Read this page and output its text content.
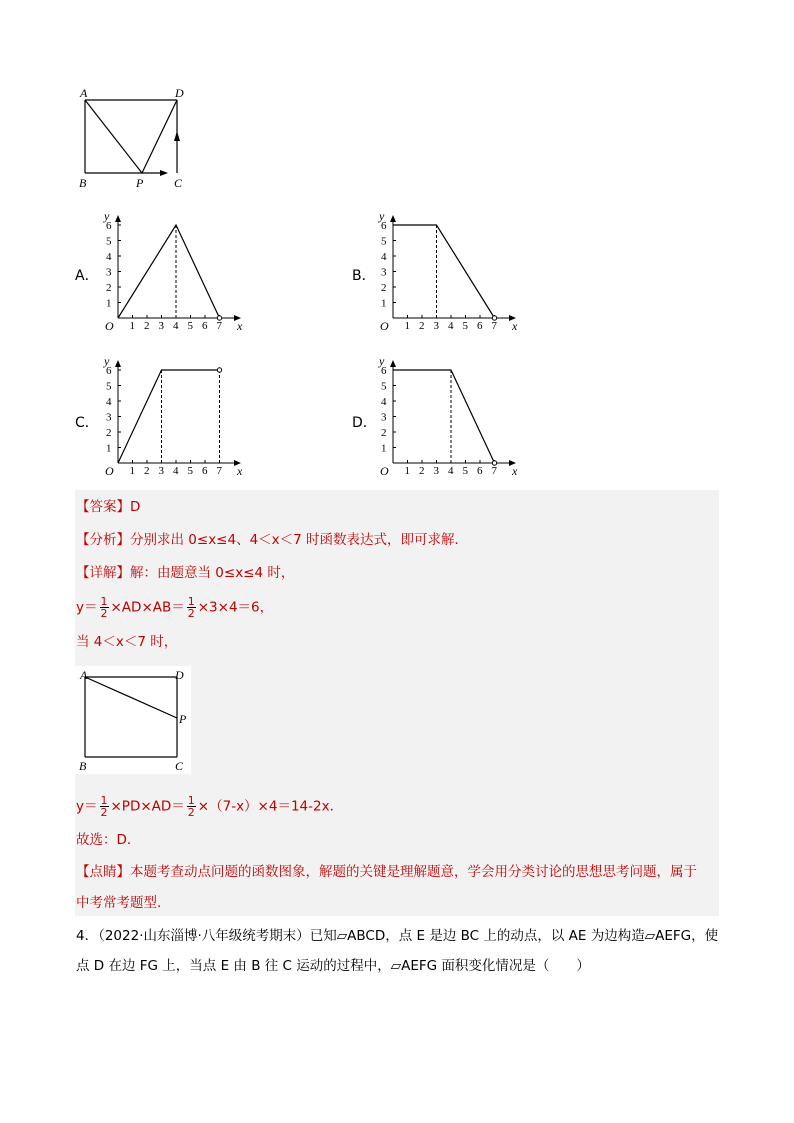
A	D
B	P	C
A．	B．
C．	D．
1 2 3 4 5 6 7
1
2
3
4
5
6
O	x
y
1 2 3 4 5 6 7
1
2
3
4
5
6
O	x
y
1 2 3 4 5 6 7
1
2
3
4
5
6
O	x
y
1 2 3 4 5 6 7
1
2
3
4
5
6
O	x
y
【答案】D
【分析】分别求出 0≤x≤4、4＜x＜7 时函数表达式，即可求解．
【详解】解：由题意当 0≤x≤4 时，
$y= \frac{1}{2} \times AD\times AB= \frac{1}{2} \times 3\times 4=6$，
当 4＜x＜7 时，
A	D
B
P
C
$y= \frac{1}{2} \times PD\times AD= \frac{1}{2} \times(7-x)\times 4=14-2x$．
故选：D．
【点睛】本题考查动点问题的函数图象，解题的关键是理解题意，学会用分类讨论的思想思考问题，属于
中考常考题型．
4．（2022·山东淄博·八年级统考期末）已知▱ABCD，点 E 是边 BC 上的动点，以 AE 为边构造▱AEFG，使
点 D 在边 FG 上，当点 E 由 B 往 C 运动的过程中，▱AEFG 面积变化情况是（　　）
